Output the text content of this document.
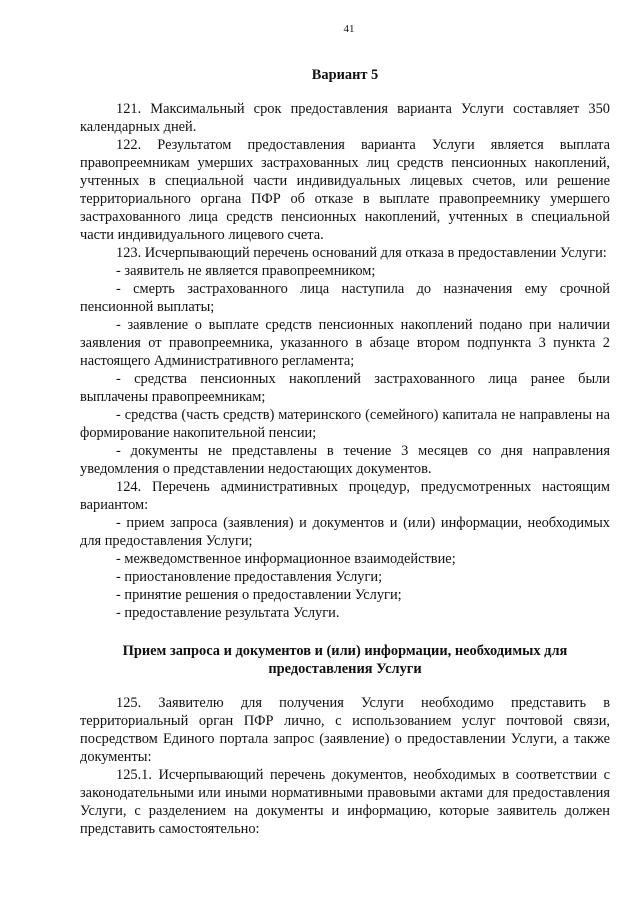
41
Вариант 5

121. Максимальный срок предоставления варианта Услуги составляет 350 календарных дней.

122. Результатом предоставления варианта Услуги является выплата правопреемникам умерших застрахованных лиц средств пенсионных накоплений, учтенных в специальной части индивидуальных лицевых счетов, или решение территориального органа ПФР об отказе в выплате правопреемнику умершего застрахованного лица средств пенсионных накоплений, учтенных в специальной части индивидуального лицевого счета.

123. Исчерпывающий перечень оснований для отказа в предоставлении Услуги:

- заявитель не является правопреемником;

- смерть застрахованного лица наступила до назначения ему срочной пенсионной выплаты;

- заявление о выплате средств пенсионных накоплений подано при наличии заявления от правопреемника, указанного в абзаце втором подпункта 3 пункта 2 настоящего Административного регламента;

- средства пенсионных накоплений застрахованного лица ранее были выплачены правопреемникам;

- средства (часть средств) материнского (семейного) капитала не направлены на формирование накопительной пенсии;

- документы не представлены в течение 3 месяцев со дня направления уведомления о представлении недостающих документов.

124. Перечень административных процедур, предусмотренных настоящим вариантом:

- прием запроса (заявления) и документов и (или) информации, необходимых для предоставления Услуги;

- межведомственное информационное взаимодействие;

- приостановление предоставления Услуги;

- принятие решения о предоставлении Услуги;

- предоставление результата Услуги.

Прием запроса и документов и (или) информации, необходимых для предоставления Услуги

125. Заявителю для получения Услуги необходимо представить в территориальный орган ПФР лично, с использованием услуг почтовой связи, посредством Единого портала запрос (заявление) о предоставлении Услуги, а также документы:

125.1. Исчерпывающий перечень документов, необходимых в соответствии с законодательными или иными нормативными правовыми актами для предоставления Услуги, с разделением на документы и информацию, которые заявитель должен представить самостоятельно:
